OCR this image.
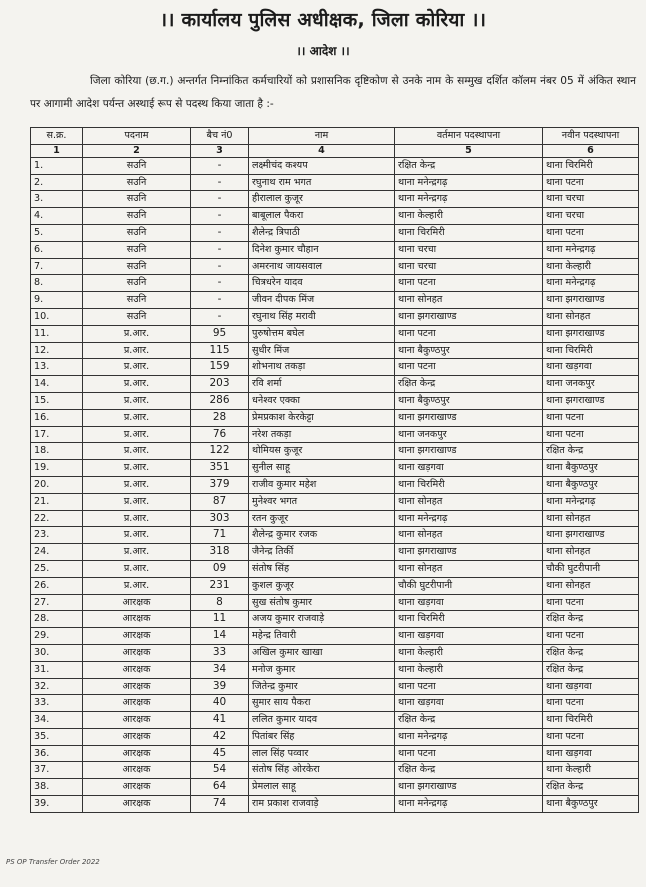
।। कार्यालय पुलिस अधीक्षक, जिला कोरिया ।।
।। आदेश ।।
जिला कोरिया (छ.ग.) अन्तर्गत निम्नांकित कर्मचारियों को प्रशासनिक दृष्टिकोण से उनके नाम के सम्मुख दर्शित कॉलम नंबर 05 में अंकित स्थान पर आगामी आदेश पर्यन्त अस्थाई रूप से पदस्थ किया जाता है :-
स.क्र.	पदनाम	बैच नं0	नाम	वर्तमान पदस्थापना	नवीन पदस्थापना
1	2	3	4	5	6
1.	सउनि	-	लक्ष्मीचंद कश्यप	रक्षित केन्द्र	थाना चिरमिरी
2.	सउनि	-	रघुनाथ राम भगत	थाना मनेन्द्रगढ़	थाना पटना
3.	सउनि	-	हीरालाल कुजूर	थाना मनेन्द्रगढ़	थाना चरचा
4.	सउनि	-	बाबूलाल पैकरा	थाना केल्हारी	थाना चरचा
5.	सउनि	-	शैलेन्द्र त्रिपाठी	थाना चिरमिरी	थाना पटना
6.	सउनि	-	दिनेश कुमार चौहान	थाना चरचा	थाना मनेन्द्रगढ़
7.	सउनि	-	अमरनाथ जायसवाल	थाना चरचा	थाना केल्हारी
8.	सउनि	-	चित्रधरेन यादव	थाना पटना	थाना मनेन्द्रगढ़
9.	सउनि	-	जीवन दीपक मिंज	थाना सोनहत	थाना झगराखाण्ड
10.	सउनि	-	रघुनाथ सिंह मरावी	थाना झगराखाण्ड	थाना सोनहत
11.	प्र.आर.	95	पुरुषोत्तम बघेल	थाना पटना	थाना झगराखाण्ड
12.	प्र.आर.	115	सुधीर मिंज	थाना बैकुण्ठपुर	थाना चिरमिरी
13.	प्र.आर.	159	शोभनाथ तकड़ा	थाना पटना	थाना खड़गवा
14.	प्र.आर.	203	रवि शर्मा	रक्षित केन्द्र	थाना जनकपुर
15.	प्र.आर.	286	धनेश्वर एक्का	थाना बैकुण्ठपुर	थाना झगराखाण्ड
16.	प्र.आर.	28	प्रेमप्रकाश केरकेट्टा	थाना झगराखाण्ड	थाना पटना
17.	प्र.आर.	76	नरेश तकड़ा	थाना जनकपुर	थाना पटना
18.	प्र.आर.	122	थोमियस कुजूर	थाना झगराखाण्ड	रक्षित केन्द्र
19.	प्र.आर.	351	सुनील साहू	थाना खड़गवा	थाना बैकुण्ठपुर
20.	प्र.आर.	379	राजीव कुमार महेश	थाना चिरमिरी	थाना बैकुण्ठपुर
21.	प्र.आर.	87	मुनेश्वर भगत	थाना सोनहत	थाना मनेन्द्रगढ़
22.	प्र.आर.	303	रतन कुजूर	थाना मनेन्द्रगढ़	थाना सोनहत
23.	प्र.आर.	71	शैलेन्द्र कुमार रजक	थाना सोनहत	थाना झगराखाण्ड
24.	प्र.आर.	318	जैनेन्द्र तिर्की	थाना झगराखाण्ड	थाना सोनहत
25.	प्र.आर.	09	संतोष सिंह	थाना सोनहत	चौकी घुटरीपानी
26.	प्र.आर.	231	कुशल कुजूर	चौकी घुटरीपानी	थाना सोनहत
27.	आरक्षक	8	सुख संतोष कुमार	थाना खड़गवा	थाना पटना
28.	आरक्षक	11	अजय कुमार राजवाड़े	थाना चिरमिरी	रक्षित केन्द्र
29.	आरक्षक	14	महेन्द्र तिवारी	थाना खड़गवा	थाना पटना
30.	आरक्षक	33	अखिल कुमार खाखा	थाना केल्हारी	रक्षित केन्द्र
31.	आरक्षक	34	मनोज कुमार	थाना केल्हारी	रक्षित केन्द्र
32.	आरक्षक	39	जितेन्द्र कुमार	थाना पटना	थाना खड़गवा
33.	आरक्षक	40	सुमार साय पैकरा	थाना खड़गवा	थाना पटना
34.	आरक्षक	41	ललित कुमार यादव	रक्षित केन्द्र	थाना चिरमिरी
35.	आरक्षक	42	पितांबर सिंह	थाना मनेन्द्रगढ़	थाना पटना
36.	आरक्षक	45	लाल सिंह पव्वार	थाना पटना	थाना खड़गवा
37.	आरक्षक	54	संतोष सिंह ओरकेरा	रक्षित केन्द्र	थाना केल्हारी
38.	आरक्षक	64	प्रेमलाल साहू	थाना झगराखाण्ड	रक्षित केन्द्र
39.	आरक्षक	74	राम प्रकाश राजवाड़े	थाना मनेन्द्रगढ़	थाना बैकुण्ठपुर
PS OP Transfer Order 2022
